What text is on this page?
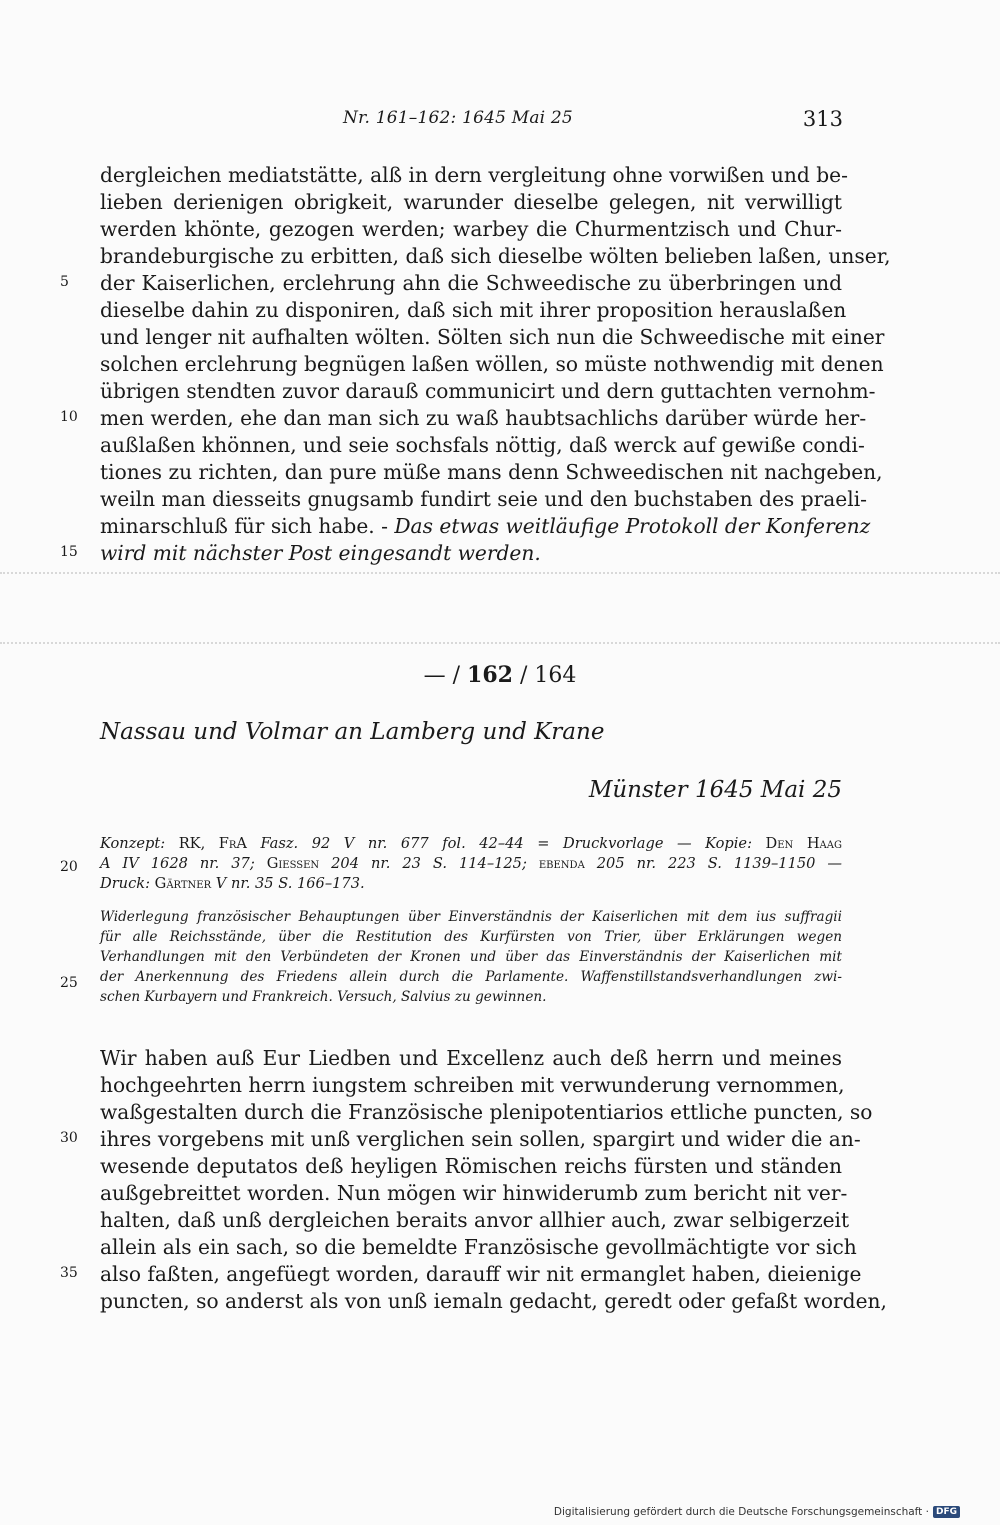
Nr. 161–162: 1645 Mai 25	313
dergleichen mediatstätte, alß in dern vergleitung ohne vorwißen und be-
lieben derienigen obrigkeit, warunder dieselbe gelegen, nit verwilligt
werden khönte, gezogen werden; warbey die Churmentzisch und Chur-
brandeburgische zu erbitten, daß sich dieselbe wölten belieben laßen, unser,
der Kaiserlichen, erclehrung ahn die Schweedische zu überbringen und
dieselbe dahin zu disponiren, daß sich mit ihrer proposition herauslaßen
und lenger nit aufhalten wölten. Sölten sich nun die Schweedische mit einer
solchen erclehrung begnügen laßen wöllen, so müste nothwendig mit denen
übrigen stendten zuvor darauß communicirt und dern guttachten vernohm-
men werden, ehe dan man sich zu waß haubtsachlichs darüber würde her-
außlaßen khönnen, und seie sochsfals nöttig, daß werck auf gewiße condi-
tiones zu richten, dan pure müße mans denn Schweedischen nit nachgeben,
weiln man diesseits gnugsamb fundirt seie und den buchstaben des praeli-
minarschluß für sich habe. - Das etwas weitläufige Protokoll der Konferenz
wird mit nächster Post eingesandt werden.
5
10
15
— / 162 / 164
Nassau und Volmar an Lamberg und Krane
Münster 1645 Mai 25
Konzept: RK, FrA Fasz. 92 V nr. 677 fol. 42–44 = Druckvorlage — Kopie: Den Haag
A IV 1628 nr. 37; Giessen 204 nr. 23 S. 114–125; ebenda 205 nr. 223 S. 1139–1150 —
Druck: Gärtner V nr. 35 S. 166–173.
20
Widerlegung französischer Behauptungen über Einverständnis der Kaiserlichen mit dem ius suffragii
für alle Reichsstände, über die Restitution des Kurfürsten von Trier, über Erklärungen wegen
Verhandlungen mit den Verbündeten der Kronen und über das Einverständnis der Kaiserlichen mit
der Anerkennung des Friedens allein durch die Parlamente. Waffenstillstandsverhandlungen zwi-
schen Kurbayern und Frankreich. Versuch, Salvius zu gewinnen.
25
Wir haben auß Eur Liedben und Excellenz auch deß herrn und meines
hochgeehrten herrn iungstem schreiben mit verwunderung vernommen,
waßgestalten durch die Französische plenipotentiarios ettliche puncten, so
ihres vorgebens mit unß verglichen sein sollen, spargirt und wider die an-
wesende deputatos deß heyligen Römischen reichs fürsten und ständen
außgebreittet worden. Nun mögen wir hinwiderumb zum bericht nit ver-
halten, daß unß dergleichen beraits anvor allhier auch, zwar selbigerzeit
allein als ein sach, so die bemeldte Französische gevollmächtigte vor sich
also faßten, angefüegt worden, darauff wir nit ermanglet haben, dieienige
puncten, so anderst als von unß iemaln gedacht, geredt oder gefaßt worden,
30
35
Digitalisierung gefördert durch die Deutsche Forschungsgemeinschaft · DFG
